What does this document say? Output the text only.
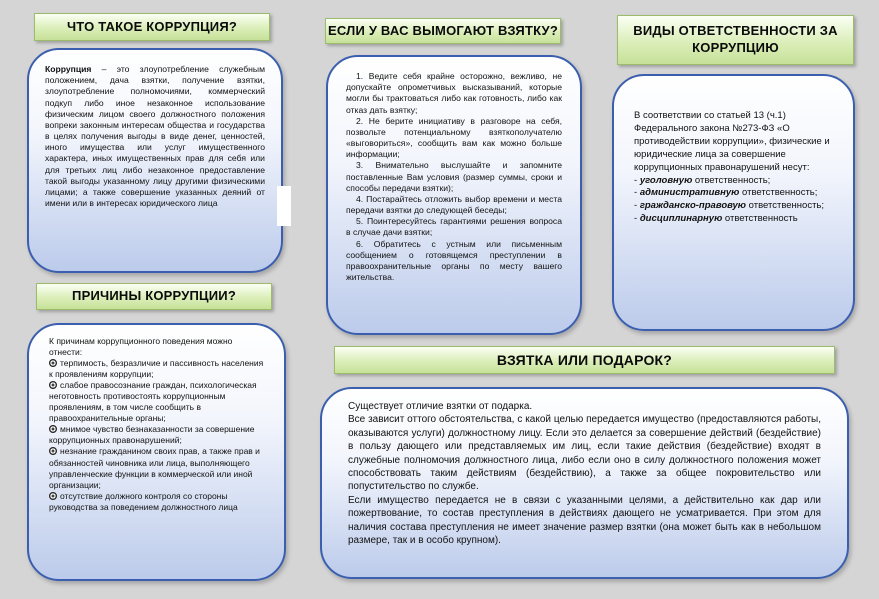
ЧТО ТАКОЕ КОРРУПЦИЯ?	ЕСЛИ У ВАС ВЫМОГАЮТ ВЗЯТКУ?	ВИДЫ ОТВЕТСТВЕННОСТИ ЗА КОРРУПЦИЮ
ПРИЧИНЫ КОРРУПЦИИ?
ВЗЯТКА ИЛИ ПОДАРОК?
Коррупция – это злоупотребление служебным положением, дача взятки, получение взятки, злоупотребление полномочиями, коммерческий подкуп либо иное незаконное использование физическим лицом своего должностного положения вопреки законным интересам общества и государства в целях получения выгоды в виде денег, ценностей, иного имущества или услуг имущественного характера, иных имущественных прав для себя или для третьих лиц либо незаконное предоставление такой выгоды указанному лицу другими физическими лицами; а также совершение указанных деяний от имени или в интересах юридического лица
1. Ведите себя крайне осторожно, вежливо, не допускайте опрометчивых высказываний, которые могли бы трактоваться либо как готовность, либо как отказ дать взятку;
2. Не берите инициативу в разговоре на себя, позвольте потенциальному взяткополучателю «выговориться», сообщить вам как можно больше информации;
3. Внимательно выслушайте и запомните поставленные Вам условия (размер суммы, сроки и способы передачи взятки);
4. Постарайтесь отложить выбор времени и места передачи взятки до следующей беседы;
5. Поинтересуйтесь гарантиями решения вопроса в случае дачи взятки;
6. Обратитесь с устным или письменным сообщением о готовящемся преступлении в правоохранительные органы по месту вашего жительства.
В соответствии со статьей 13 (ч.1) Федерального закона №273-ФЗ «О противодействии коррупции», физические и юридические лица за совершение коррупционных правонарушений несут:
- уголовную ответственность;
- административную ответственность;
- гражданско-правовую ответственность;
- дисциплинарную ответственность
К причинам коррупционного поведения можно отнести:
терпимость, безразличие и пассивность населения к проявлениям коррупции;
слабое правосознание граждан, психологическая неготовность противостоять коррупционным проявлениям, в том числе сообщить в правоохранительные органы;
мнимое чувство безнаказанности за совершение коррупционных правонарушений;
незнание гражданином своих прав, а также прав и обязанностей чиновника или лица, выполняющего управленческие функции в коммерческой или иной организации;
отсутствие должного контроля со стороны руководства за поведением должностного лица
Существует отличие взятки от подарка.
Все зависит оттого обстоятельства, с какой целью передается имущество (предоставляются работы, оказываются услуги) должностному лицу. Если это делается за совершение действий (бездействие) в пользу дающего или представляемых им лиц, если такие действия (бездействие) входят в служебные полномочия должностного лица, либо если оно в силу должностного положения может способствовать таким действиям (бездействию), а также за общее покровительство или попустительство по службе.
Если имущество передается не в связи с указанными целями, а действительно как дар или пожертвование, то состав преступления в действиях дающего не усматривается. При этом для наличия состава преступления не имеет значение размер взятки (она может быть как в небольшом размере, так и в особо крупном).
